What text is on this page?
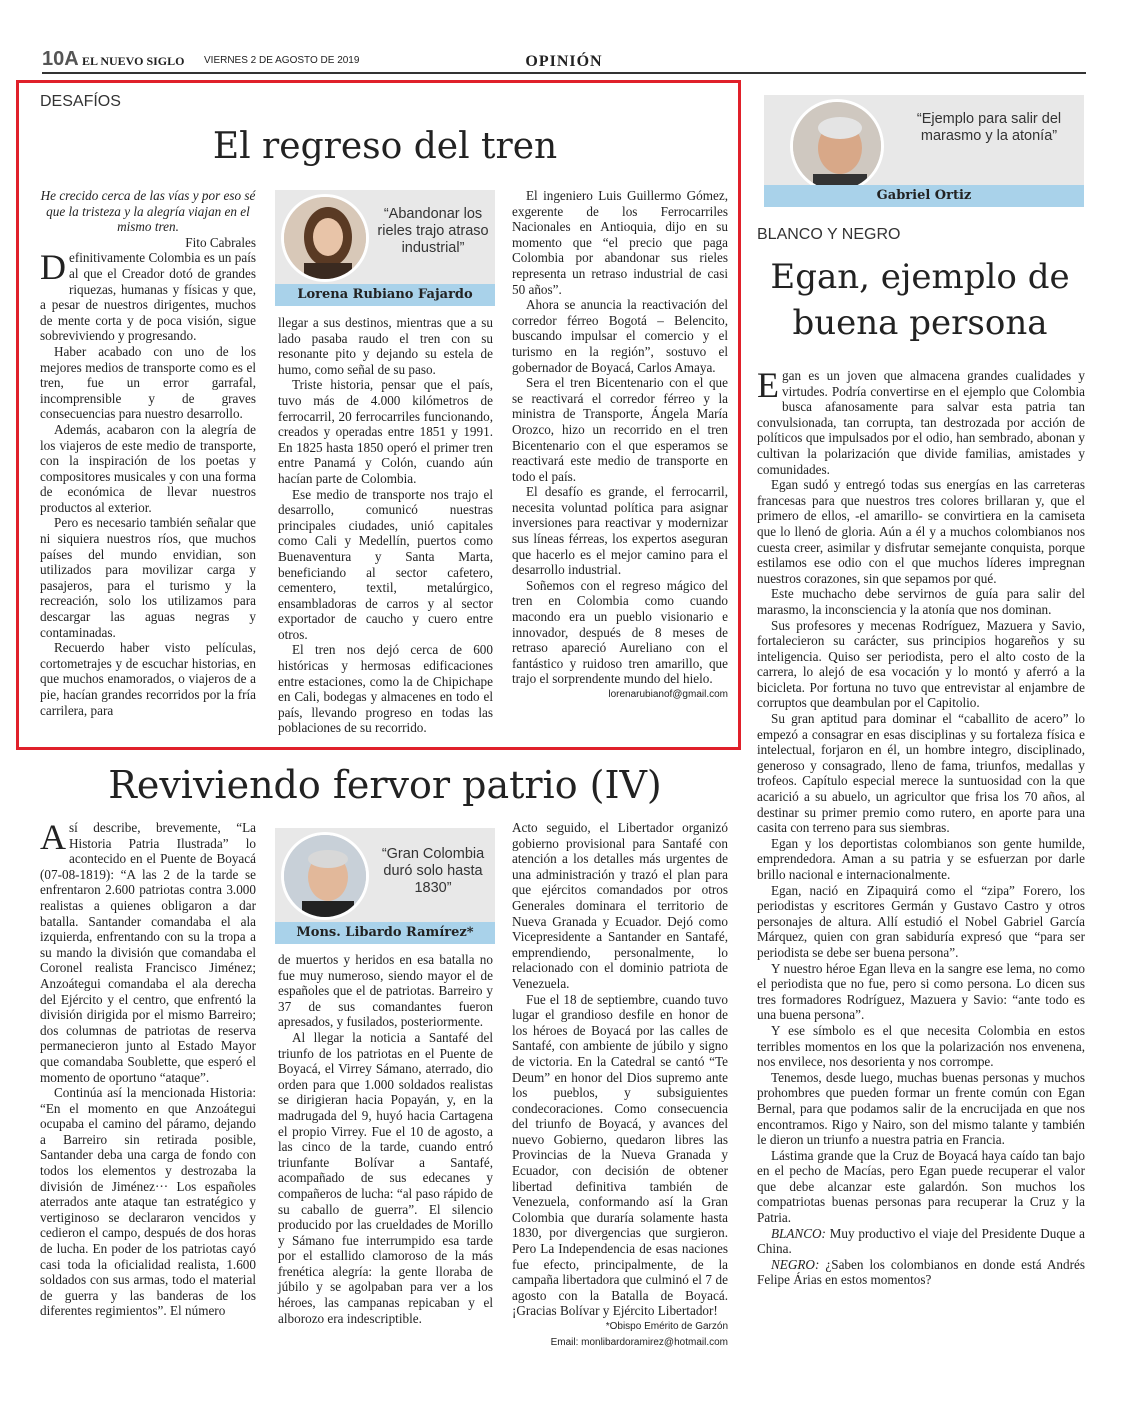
10A EL NUEVO SIGLO VIERNES 2 DE AGOSTO DE 2019	OPINIÓN
DESAFÍOS
El regreso del tren

He crecido cerca de las vías y por eso sé que la tristeza y la alegría viajan en el mismo tren.

Fito Cabrales

Definitivamente Colombia es un país al que el Creador dotó de grandes riquezas, humanas y físicas y que, a pesar de nuestros dirigentes, muchos de mente corta y de poca visión, sigue sobreviviendo y progresando.

Haber acabado con uno de los mejores medios de transporte como es el tren, fue un error garrafal, incomprensible y de graves consecuencias para nuestro desarrollo.

Además, acabaron con la alegría de los viajeros de este medio de transporte, con la inspiración de los poetas y compositores musicales y con una forma de económica de llevar nuestros productos al exterior.

Pero es necesario también señalar que ni siquiera nuestros ríos, que muchos países del mundo envidian, son utilizados para movilizar carga y pasajeros, para el turismo y la recreación, solo los utilizamos para descargar las aguas negras y contaminadas.

Recuerdo haber visto películas, cortometrajes y de escuchar historias, en que muchos enamorados, o viajeros de a pie, hacían grandes recorridos por la fría carrilera, para

“Abandonar los rieles trajo atraso industrial”
Lorena Rubiano Fajardo

llegar a sus destinos, mientras que a su lado pasaba raudo el tren con su resonante pito y dejando su estela de humo, como señal de su paso.

Triste historia, pensar que el país, tuvo más de 4.000 kilómetros de ferrocarril, 20 ferrocarriles funcionando, creados y operadas entre 1851 y 1991. En 1825 hasta 1850 operó el primer tren entre Panamá y Colón, cuando aún hacían parte de Colombia.

Ese medio de transporte nos trajo el desarrollo, comunicó nuestras principales ciudades, unió capitales como Cali y Medellín, puertos como Buenaventura y Santa Marta, beneficiando al sector cafetero, cementero, textil, metalúrgico, ensambladoras de carros y al sector exportador de caucho y cuero entre otros.

El tren nos dejó cerca de 600 históricas y hermosas edificaciones entre estaciones, como la de Chipichape en Cali, bodegas y almacenes en todo el país, llevando progreso en todas las poblaciones de su recorrido.

El ingeniero Luis Guillermo Gómez, exgerente de los Ferrocarriles Nacionales en Antioquia, dijo en su momento que “el precio que paga Colombia por abandonar sus rieles representa un retraso industrial de casi 50 años”.

Ahora se anuncia la reactivación del corredor férreo Bogotá – Belencito, buscando impulsar el comercio y el turismo en la región”, sostuvo el gobernador de Boyacá, Carlos Amaya.

Sera el tren Bicentenario con el que se reactivará el corredor férreo y la ministra de Transporte, Ángela María Orozco, hizo un recorrido en el tren Bicentenario con el que esperamos se reactivará este medio de transporte en todo el país.

El desafío es grande, el ferrocarril, necesita voluntad política para asignar inversiones para reactivar y modernizar sus líneas férreas, los expertos aseguran que hacerlo es el mejor camino para el desarrollo industrial.

Soñemos con el regreso mágico del tren en Colombia como cuando macondo era un pueblo visionario e innovador, después de 8 meses de retraso apareció Aureliano con el fantástico y ruidoso tren amarillo, que trajo el sorprendente mundo del hielo.

lorenarubianof@gmail.com

Reviviendo fervor patrio (IV)

Así describe, brevemente, “La Historia Patria Ilustrada” lo acontecido en el Puente de Boyacá (07-08-1819): “A las 2 de la tarde se enfrentaron 2.600 patriotas contra 3.000 realistas a quienes obligaron a dar batalla. Santander comandaba el ala izquierda, enfrentando con su la tropa a su mando la división que comandaba el Coronel realista Francisco Jiménez; Anzoátegui comandaba el ala derecha del Ejército y el centro, que enfrentó la división dirigida por el mismo Barreiro; dos columnas de patriotas de reserva permanecieron junto al Estado Mayor que comandaba Soublette, que esperó el momento de oportuno “ataque”.

Continúa así la mencionada Historia: “En el momento en que Anzoátegui ocupaba el camino del páramo, dejando a Barreiro sin retirada posible, Santander deba una carga de fondo con todos los elementos y destrozaba la división de Jiménez··· Los españoles aterrados ante ataque tan estratégico y vertiginoso se declararon vencidos y cedieron el campo, después de dos horas de lucha. En poder de los patriotas cayó casi toda la oficialidad realista, 1.600 soldados con sus armas, todo el material de guerra y las banderas de los diferentes regimientos”. El número

“Gran Colombia duró solo hasta 1830”
Mons. Libardo Ramírez*

de muertos y heridos en esa batalla no fue muy numeroso, siendo mayor el de españoles que el de patriotas. Barreiro y 37 de sus comandantes fueron apresados, y fusilados, posteriormente.

Al llegar la noticia a Santafé del triunfo de los patriotas en el Puente de Boyacá, el Virrey Sámano, aterrado, dio orden para que 1.000 soldados realistas se dirigieran hacia Popayán, y, en la madrugada del 9, huyó hacia Cartagena el propio Virrey. Fue el 10 de agosto, a las cinco de la tarde, cuando entró triunfante Bolívar a Santafé, acompañado de sus edecanes y compañeros de lucha: “al paso rápido de su caballo de guerra”. El silencio producido por las crueldades de Morillo y Sámano fue interrumpido esa tarde por el estallido clamoroso de la más frenética alegría: la gente lloraba de júbilo y se agolpaban para ver a los héroes, las campanas repicaban y el alborozo era indescriptible.

Acto seguido, el Libertador organizó gobierno provisional para Santafé con atención a los detalles más urgentes de una administración y trazó el plan para que ejércitos comandados por otros Generales dominara el territorio de Nueva Granada y Ecuador. Dejó como Vicepresidente a Santander en Santafé, emprendiendo, personalmente, lo relacionado con el dominio patriota de Venezuela.

Fue el 18 de septiembre, cuando tuvo lugar el grandioso desfile en honor de los héroes de Boyacá por las calles de Santafé, con ambiente de júbilo y signo de victoria. En la Catedral se cantó “Te Deum” en honor del Dios supremo ante los pueblos, y subsiguientes condecoraciones. Como consecuencia del triunfo de Boyacá, y avances del nuevo Gobierno, quedaron libres las Provincias de la Nueva Granada y Ecuador, con decisión de obtener libertad definitiva también de Venezuela, conformando así la Gran Colombia que duraría solamente hasta 1830, por divergencias que surgieron. Pero La Independencia de esas naciones fue efecto, principalmente, de la campaña libertadora que culminó el 7 de agosto con la Batalla de Boyacá. ¡Gracias Bolívar y Ejército Libertador!

*Obispo Emérito de Garzón

Email: monlibardoramirez@hotmail.com

“Ejemplo para salir del marasmo y la atonía”
Gabriel Ortiz
BLANCO Y NEGRO
Egan, ejemplo de buena persona

Egan es un joven que almacena grandes cualidades y virtudes. Podría convertirse en el ejemplo que Colombia busca afanosamente para salvar esta patria tan convulsionada, tan corrupta, tan destrozada por acción de políticos que impulsados por el odio, han sembrado, abonan y cultivan la polarización que divide familias, amistades y comunidades.

Egan sudó y entregó todas sus energías en las carreteras francesas para que nuestros tres colores brillaran y, que el primero de ellos, -el amarillo- se convirtiera en la camiseta que lo llenó de gloria. Aún a él y a muchos colombianos nos cuesta creer, asimilar y disfrutar semejante conquista, porque estilamos ese odio con el que muchos líderes impregnan nuestros corazones, sin que sepamos por qué.

Este muchacho debe servirnos de guía para salir del marasmo, la inconsciencia y la atonía que nos dominan.

Sus profesores y mecenas Rodríguez, Mazuera y Savio, fortalecieron su carácter, sus principios hogareños y su inteligencia. Quiso ser periodista, pero el alto costo de la carrera, lo alejó de esa vocación y lo montó y aferró a la bicicleta. Por fortuna no tuvo que entrevistar al enjambre de corruptos que deambulan por el Capitolio.

Su gran aptitud para dominar el “caballito de acero” lo empezó a consagrar en esas disciplinas y su fortaleza física e intelectual, forjaron en él, un hombre integro, disciplinado, generoso y consagrado, lleno de fama, triunfos, medallas y trofeos. Capítulo especial merece la suntuosidad con la que acarició a su abuelo, un agricultor que frisa los 70 años, al destinar su primer premio como rutero, en aporte para una casita con terreno para sus siembras.

Egan y los deportistas colombianos son gente humilde, emprendedora. Aman a su patria y se esfuerzan por darle brillo nacional e internacionalmente.

Egan, nació en Zipaquirá como el “zipa” Forero, los periodistas y escritores Germán y Gustavo Castro y otros personajes de altura. Allí estudió el Nobel Gabriel García Márquez, quien con gran sabiduría expresó que “para ser periodista se debe ser buena persona”.

Y nuestro héroe Egan lleva en la sangre ese lema, no como el periodista que no fue, pero si como persona. Lo dicen sus tres formadores Rodríguez, Mazuera y Savio: “ante todo es una buena persona”.

Y ese símbolo es el que necesita Colombia en estos terribles momentos en los que la polarización nos envenena, nos envilece, nos desorienta y nos corrompe.

Tenemos, desde luego, muchas buenas personas y muchos prohombres que pueden formar un frente común con Egan Bernal, para que podamos salir de la encrucijada en que nos encontramos. Rigo y Nairo, son del mismo talante y también le dieron un triunfo a nuestra patria en Francia.

Lástima grande que la Cruz de Boyacá haya caído tan bajo en el pecho de Macías, pero Egan puede recuperar el valor que debe alcanzar este galardón. Son muchos los compatriotas buenas personas para recuperar la Cruz y la Patria.

BLANCO: Muy productivo el viaje del Presidente Duque a China.

NEGRO: ¿Saben los colombianos en donde está Andrés Felipe Árias en estos momentos?
